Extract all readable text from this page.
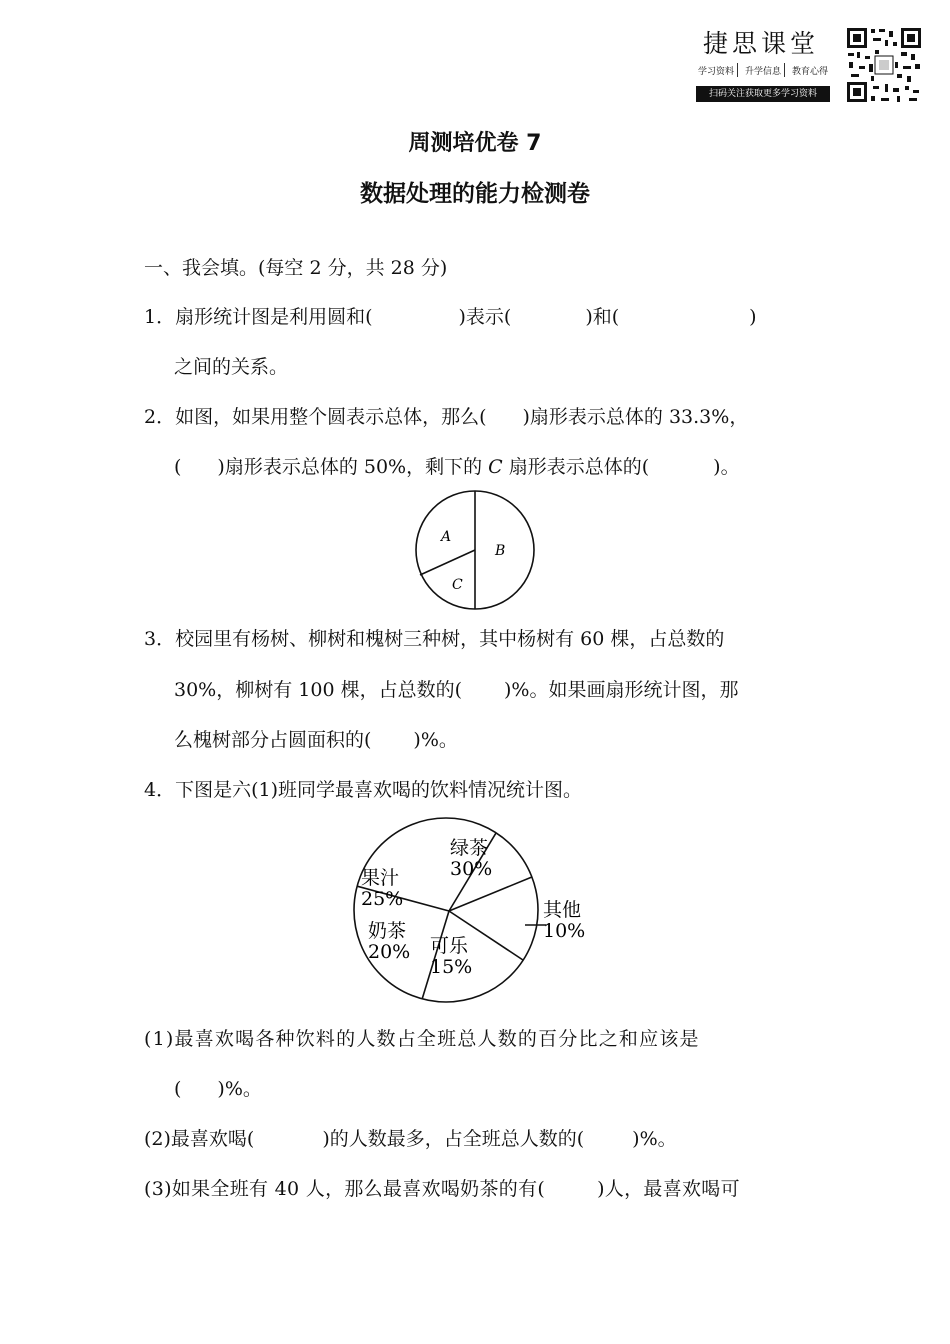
捷思课堂
学习资料 升学信息 教育心得
扫码关注获取更多学习资料
周测培优卷 7
数据处理的能力检测卷
一、我会填。(每空 2 分，共 28 分)
1．扇形统计图是利用圆和(	)表示(	)和(	)
之间的关系。
2．如图，如果用整个圆表示总体，那么( )扇形表示总体的 33.3%，
( )扇形表示总体的 50%，剩下的 C 扇形表示总体的(	)。
A
B
C
3．校园里有杨树、柳树和槐树三种树，其中杨树有 60 棵，占总数的
30%，柳树有 100 棵，占总数的( )%。如果画扇形统计图，那
么槐树部分占圆面积的( )%。
4．下图是六(1)班同学最喜欢喝的饮料情况统计图。
绿茶
30%
其他
10%
可乐
15%
奶茶
20%
果汁
25%
(1)最喜欢喝各种饮料的人数占全班总人数的百分比之和应该是
( )%。
(2)最喜欢喝(	)的人数最多，占全班总人数的(	)%。
(3)如果全班有 40 人，那么最喜欢喝奶茶的有(	)人，最喜欢喝可
